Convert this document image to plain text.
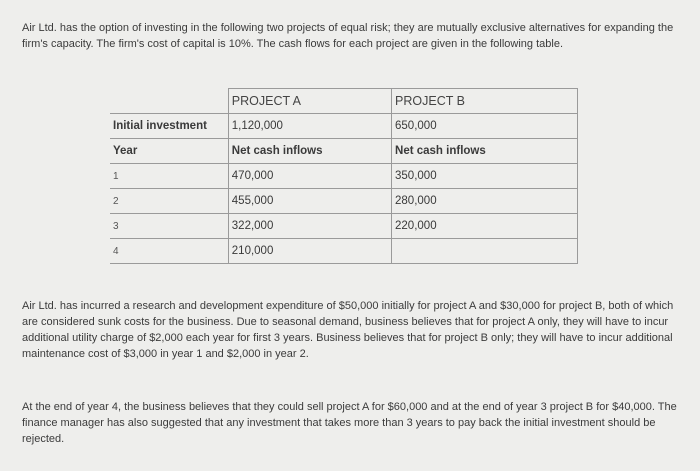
Air Ltd. has the option of investing in the following two projects of equal risk; they are mutually exclusive alternatives for expanding the firm's capacity. The firm's cost of capital is 10%. The cash flows for each project are given in the following table.

	PROJECT A	PROJECT B
Initial investment	1,120,000	650,000
Year	Net cash inflows	Net cash inflows
1	470,000	350,000
2	455,000	280,000
3	322,000	220,000
4	210,000	

Air Ltd. has incurred a research and development expenditure of $50,000 initially for project A and $30,000 for project B, both of which are considered sunk costs for the business. Due to seasonal demand, business believes that for project A only, they will have to incur additional utility charge of $2,000 each year for first 3 years. Business believes that for project B only; they will have to incur additional maintenance cost of $3,000 in year 1 and $2,000 in year 2.

At the end of year 4, the business believes that they could sell project A for $60,000 and at the end of year 3 project B for $40,000. The finance manager has also suggested that any investment that takes more than 3 years to pay back the initial investment should be rejected.
